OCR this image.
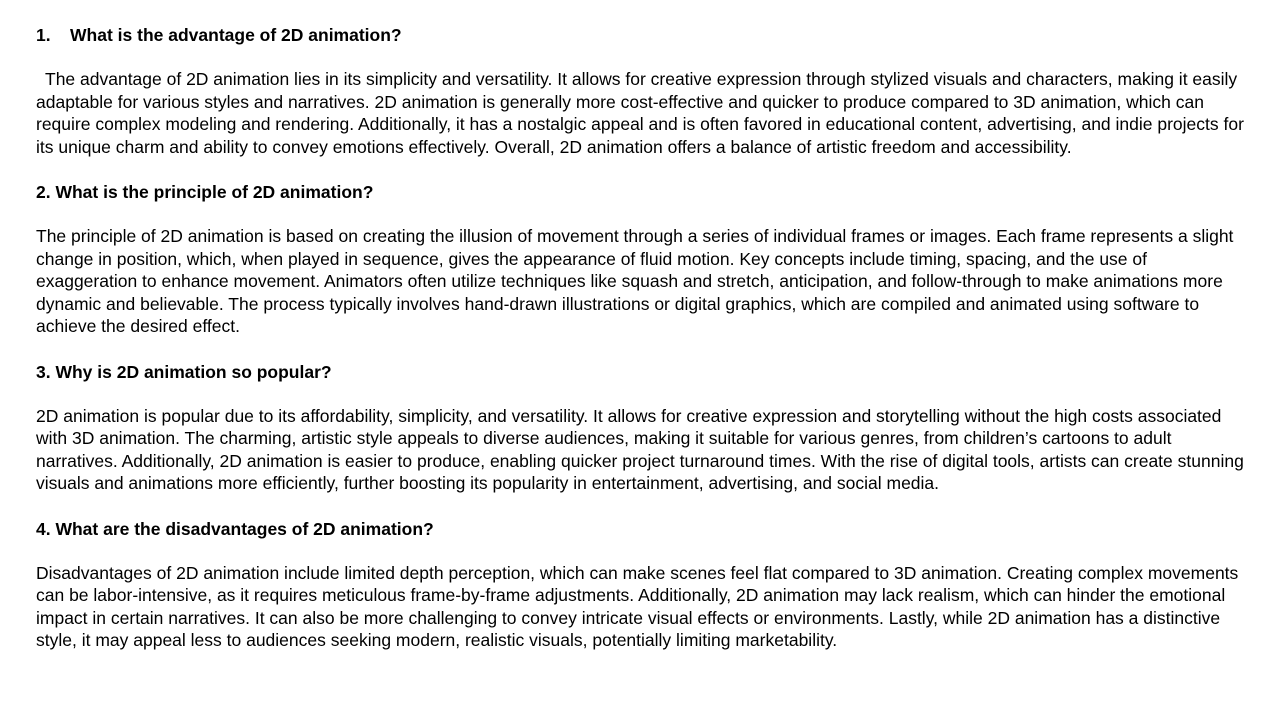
1.    What is the advantage of 2D animation?

The advantage of 2D animation lies in its simplicity and versatility. It allows for creative expression through stylized visuals and characters, making it easily adaptable for various styles and narratives. 2D animation is generally more cost-effective and quicker to produce compared to 3D animation, which can require complex modeling and rendering. Additionally, it has a nostalgic appeal and is often favored in educational content, advertising, and indie projects for its unique charm and ability to convey emotions effectively. Overall, 2D animation offers a balance of artistic freedom and accessibility.

2. What is the principle of 2D animation?

The principle of 2D animation is based on creating the illusion of movement through a series of individual frames or images. Each frame represents a slight change in position, which, when played in sequence, gives the appearance of fluid motion. Key concepts include timing, spacing, and the use of exaggeration to enhance movement. Animators often utilize techniques like squash and stretch, anticipation, and follow-through to make animations more dynamic and believable. The process typically involves hand-drawn illustrations or digital graphics, which are compiled and animated using software to achieve the desired effect.

3. Why is 2D animation so popular?

2D animation is popular due to its affordability, simplicity, and versatility. It allows for creative expression and storytelling without the high costs associated with 3D animation. The charming, artistic style appeals to diverse audiences, making it suitable for various genres, from children’s cartoons to adult narratives. Additionally, 2D animation is easier to produce, enabling quicker project turnaround times. With the rise of digital tools, artists can create stunning visuals and animations more efficiently, further boosting its popularity in entertainment, advertising, and social media.

4. What are the disadvantages of 2D animation?

Disadvantages of 2D animation include limited depth perception, which can make scenes feel flat compared to 3D animation. Creating complex movements can be labor-intensive, as it requires meticulous frame-by-frame adjustments. Additionally, 2D animation may lack realism, which can hinder the emotional impact in certain narratives. It can also be more challenging to convey intricate visual effects or environments. Lastly, while 2D animation has a distinctive style, it may appeal less to audiences seeking modern, realistic visuals, potentially limiting marketability.
